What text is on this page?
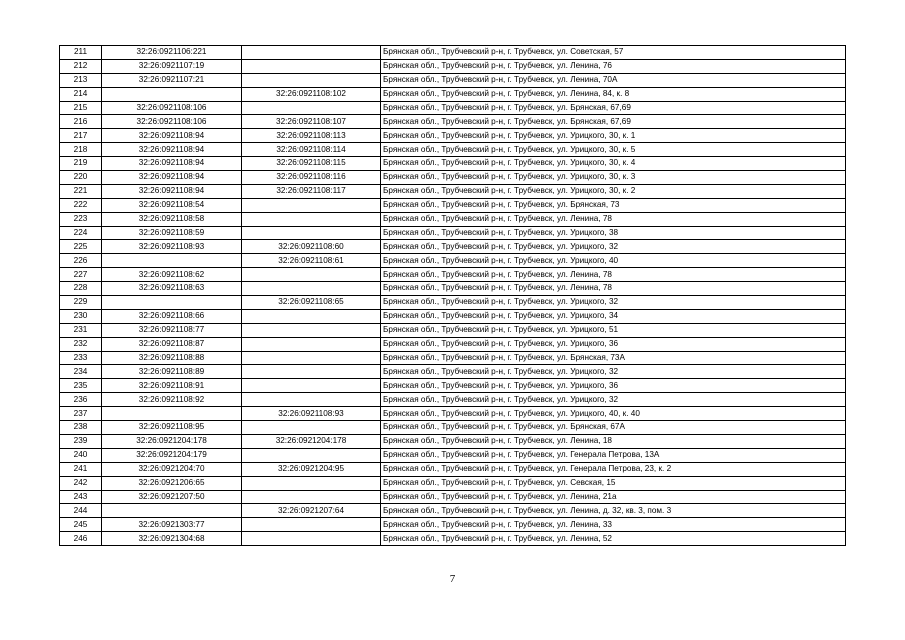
211	32:26:0921106:221		Брянская обл., Трубчевский р-н, г. Трубчевск, ул. Советская, 57
212	32:26:0921107:19		Брянская обл., Трубчевский р-н, г. Трубчевск, ул. Ленина, 76
213	32:26:0921107:21		Брянская обл., Трубчевский р-н, г. Трубчевск, ул. Ленина, 70А
214		32:26:0921108:102	Брянская обл., Трубчевский р-н, г. Трубчевск, ул. Ленина, 84, к. 8
215	32:26:0921108:106		Брянская обл., Трубчевский р-н, г. Трубчевск, ул. Брянская, 67,69
216	32:26:0921108:106	32:26:0921108:107	Брянская обл., Трубчевский р-н, г. Трубчевск, ул. Брянская, 67,69
217	32:26:0921108:94	32:26:0921108:113	Брянская обл., Трубчевский р-н, г. Трубчевск, ул. Урицкого, 30, к. 1
218	32:26:0921108:94	32:26:0921108:114	Брянская обл., Трубчевский р-н, г. Трубчевск, ул. Урицкого, 30, к. 5
219	32:26:0921108:94	32:26:0921108:115	Брянская обл., Трубчевский р-н, г. Трубчевск, ул. Урицкого, 30, к. 4
220	32:26:0921108:94	32:26:0921108:116	Брянская обл., Трубчевский р-н, г. Трубчевск, ул. Урицкого, 30, к. 3
221	32:26:0921108:94	32:26:0921108:117	Брянская обл., Трубчевский р-н, г. Трубчевск, ул. Урицкого, 30, к. 2
222	32:26:0921108:54		Брянская обл., Трубчевский р-н, г. Трубчевск, ул. Брянская, 73
223	32:26:0921108:58		Брянская обл., Трубчевский р-н, г. Трубчевск, ул. Ленина, 78
224	32:26:0921108:59		Брянская обл., Трубчевский р-н, г. Трубчевск, ул. Урицкого, 38
225	32:26:0921108:93	32:26:0921108:60	Брянская обл., Трубчевский р-н, г. Трубчевск, ул. Урицкого, 32
226		32:26:0921108:61	Брянская обл., Трубчевский р-н, г. Трубчевск, ул. Урицкого, 40
227	32:26:0921108:62		Брянская обл., Трубчевский р-н, г. Трубчевск, ул. Ленина, 78
228	32:26:0921108:63		Брянская обл., Трубчевский р-н, г. Трубчевск, ул. Ленина, 78
229		32:26:0921108:65	Брянская обл., Трубчевский р-н, г. Трубчевск, ул. Урицкого, 32
230	32:26:0921108:66		Брянская обл., Трубчевский р-н, г. Трубчевск, ул. Урицкого, 34
231	32:26:0921108:77		Брянская обл., Трубчевский р-н, г. Трубчевск, ул. Урицкого, 51
232	32:26:0921108:87		Брянская обл., Трубчевский р-н, г. Трубчевск, ул. Урицкого, 36
233	32:26:0921108:88		Брянская обл., Трубчевский р-н, г. Трубчевск, ул. Брянская, 73А
234	32:26:0921108:89		Брянская обл., Трубчевский р-н, г. Трубчевск, ул. Урицкого, 32
235	32:26:0921108:91		Брянская обл., Трубчевский р-н, г. Трубчевск, ул. Урицкого, 36
236	32:26:0921108:92		Брянская обл., Трубчевский р-н, г. Трубчевск, ул. Урицкого, 32
237		32:26:0921108:93	Брянская обл., Трубчевский р-н, г. Трубчевск, ул. Урицкого, 40, к. 40
238	32:26:0921108:95		Брянская обл., Трубчевский р-н, г. Трубчевск, ул. Брянская, 67А
239	32:26:0921204:178	32:26:0921204:178	Брянская обл., Трубчевский р-н, г. Трубчевск, ул. Ленина, 18
240	32:26:0921204:179		Брянская обл., Трубчевский р-н, г. Трубчевск, ул. Генерала Петрова, 13А
241	32:26:0921204:70	32:26:0921204:95	Брянская обл., Трубчевский р-н, г. Трубчевск, ул. Генерала Петрова, 23, к. 2
242	32:26:0921206:65		Брянская обл., Трубчевский р-н, г. Трубчевск, ул. Севская, 15
243	32:26:0921207:50		Брянская обл., Трубчевский р-н, г. Трубчевск, ул. Ленина, 21а
244		32:26:0921207:64	Брянская обл., Трубчевский р-н, г. Трубчевск, ул. Ленина, д. 32, кв. 3, пом. 3
245	32:26:0921303:77		Брянская обл., Трубчевский р-н, г. Трубчевск, ул. Ленина, 33
246	32:26:0921304:68		Брянская обл., Трубчевский р-н, г. Трубчевск, ул. Ленина, 52
7
